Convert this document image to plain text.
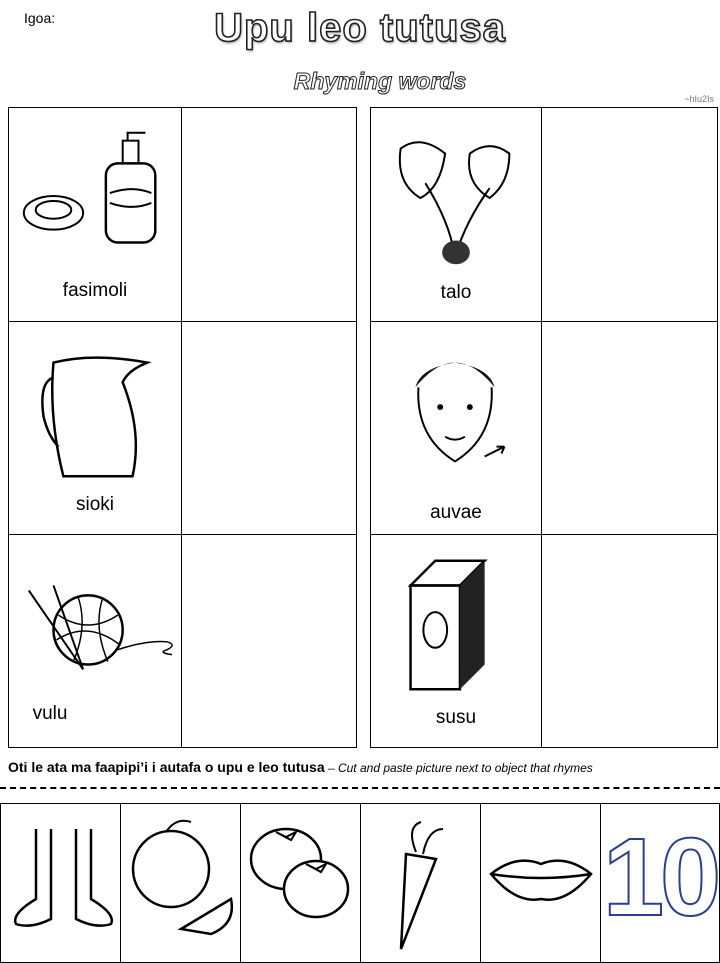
Igoa:	Upu leo tutusa
Rhyming words
~hIu2Is
fasimoli
sioki
vulu
talo
auvae
susu
Oti le ata ma faapipi’i i autafa o upu e leo tutusa – Cut and paste picture next to object that rhymes
10
